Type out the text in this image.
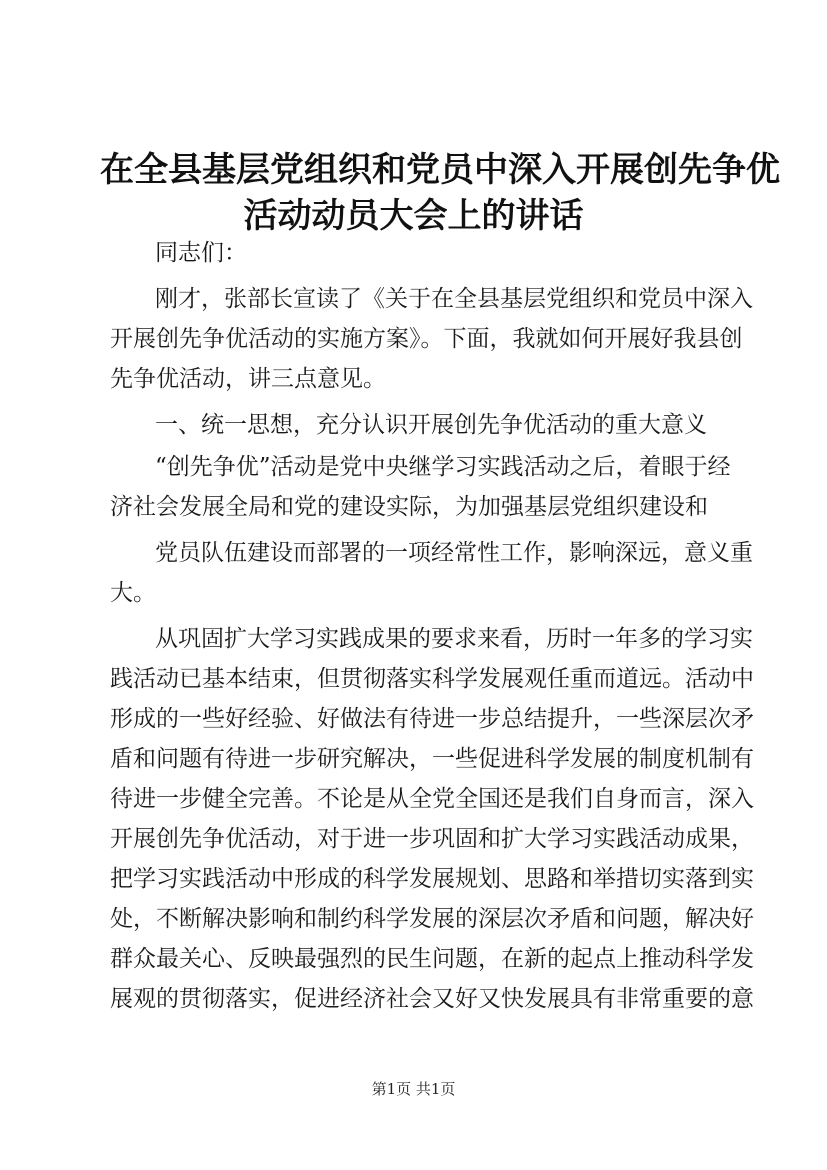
在全县基层党组织和党员中深入开展创先争优
活动动员大会上的讲话
同志们：
刚才，张部长宣读了《关于在全县基层党组织和党员中深入
开展创先争优活动的实施方案》。下面，我就如何开展好我县创
先争优活动，讲三点意见。
一、统一思想，充分认识开展创先争优活动的重大意义
“创先争优”活动是党中央继学习实践活动之后，着眼于经
济社会发展全局和党的建设实际，为加强基层党组织建设和
党员队伍建设而部署的一项经常性工作，影响深远，意义重
大。
从巩固扩大学习实践成果的要求来看，历时一年多的学习实
践活动已基本结束，但贯彻落实科学发展观任重而道远。活动中
形成的一些好经验、好做法有待进一步总结提升，一些深层次矛
盾和问题有待进一步研究解决，一些促进科学发展的制度机制有
待进一步健全完善。不论是从全党全国还是我们自身而言，深入
开展创先争优活动，对于进一步巩固和扩大学习实践活动成果，
把学习实践活动中形成的科学发展规划、思路和举措切实落到实
处，不断解决影响和制约科学发展的深层次矛盾和问题，解决好
群众最关心、反映最强烈的民生问题，在新的起点上推动科学发
展观的贯彻落实，促进经济社会又好又快发展具有非常重要的意
第1页 共1页
